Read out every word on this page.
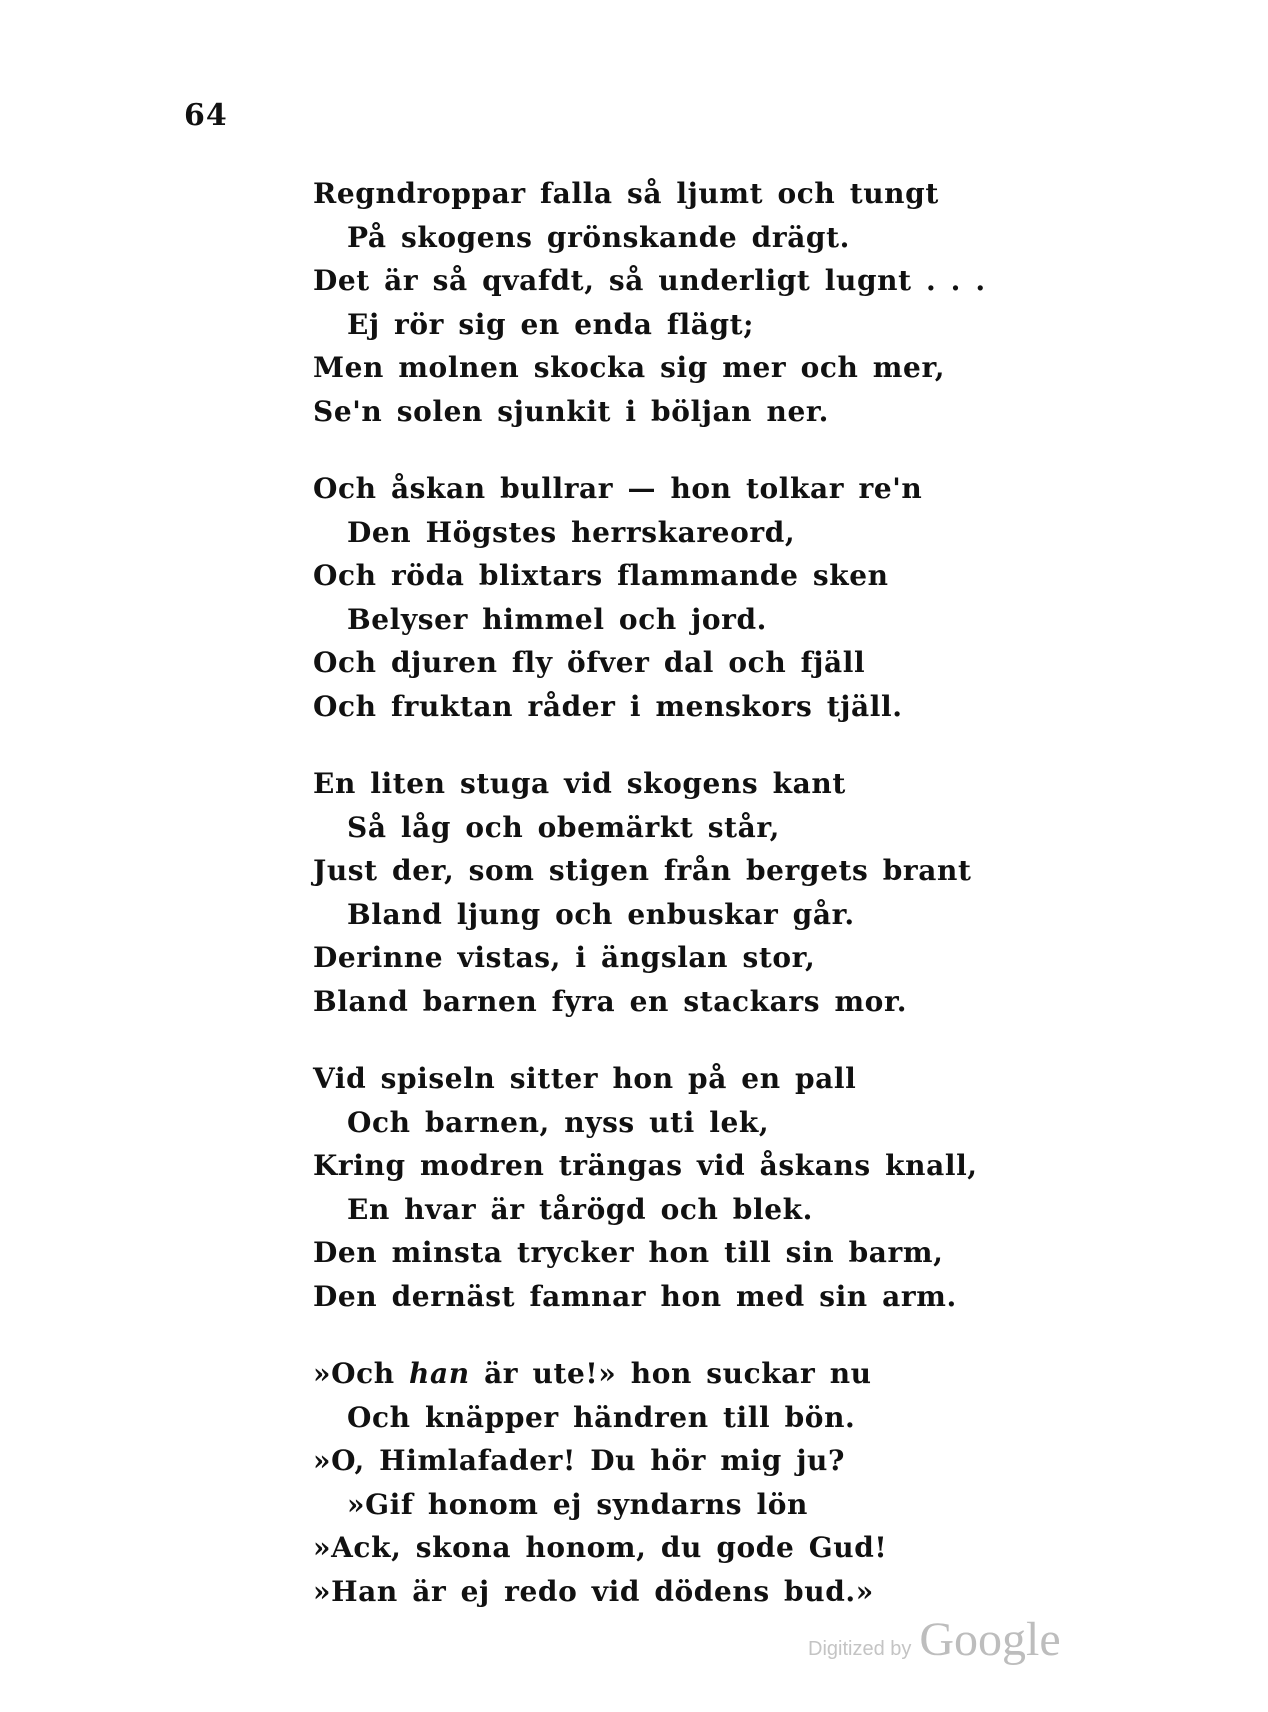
64
Regndroppar falla så ljumt och tungt
På skogens grönskande drägt.
Det är så qvafdt, så underligt lugnt . . .
Ej rör sig en enda flägt;
Men molnen skocka sig mer och mer,
Se'n solen sjunkit i böljan ner.
Och åskan bullrar — hon tolkar re'n
Den Högstes herrskareord,
Och röda blixtars flammande sken
Belyser himmel och jord.
Och djuren fly öfver dal och fjäll
Och fruktan råder i menskors tjäll.
En liten stuga vid skogens kant
Så låg och obemärkt står,
Just der, som stigen från bergets brant
Bland ljung och enbuskar går.
Derinne vistas, i ängslan stor,
Bland barnen fyra en stackars mor.
Vid spiseln sitter hon på en pall
Och barnen, nyss uti lek,
Kring modren trängas vid åskans knall,
En hvar är tårögd och blek.
Den minsta trycker hon till sin barm,
Den dernäst famnar hon med sin arm.
»Och han är ute!» hon suckar nu
Och knäpper händren till bön.
»O, Himlafader! Du hör mig ju?
»Gif honom ej syndarns lön
»Ack, skona honom, du gode Gud!
»Han är ej redo vid dödens bud.»
Digitized by Google
